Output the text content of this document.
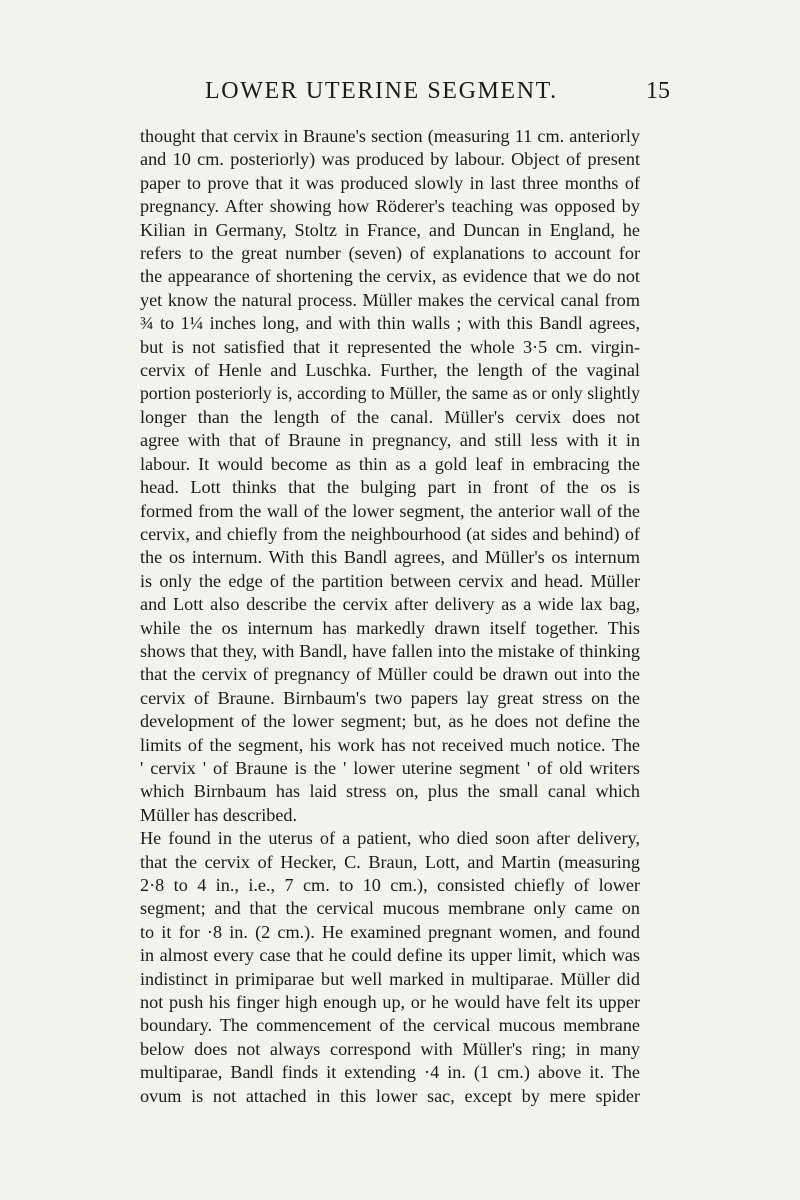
LOWER UTERINE SEGMENT.	15
thought that cervix in Braune's section (measuring 11 cm. anteriorly
and 10 cm. posteriorly) was produced by labour. Object of present
paper to prove that it was produced slowly in last three months of
pregnancy. After showing how Röderer's teaching was opposed by
Kilian in Germany, Stoltz in France, and Duncan in England, he
refers to the great number (seven) of explanations to account for
the appearance of shortening the cervix, as evidence that we do not
yet know the natural process. Müller makes the cervical canal from
¾ to 1¼ inches long, and with thin walls ; with this Bandl agrees,
but is not satisfied that it represented the whole 3·5 cm. virgin-
cervix of Henle and Luschka. Further, the length of the vaginal
portion posteriorly is, according to Müller, the same as or only slightly
longer than the length of the canal. Müller's cervix does not
agree with that of Braune in pregnancy, and still less with it in
labour. It would become as thin as a gold leaf in embracing the
head. Lott thinks that the bulging part in front of the os is
formed from the wall of the lower segment, the anterior wall of the
cervix, and chiefly from the neighbourhood (at sides and behind) of
the os internum. With this Bandl agrees, and Müller's os internum
is only the edge of the partition between cervix and head. Müller
and Lott also describe the cervix after delivery as a wide lax bag,
while the os internum has markedly drawn itself together. This
shows that they, with Bandl, have fallen into the mistake of thinking
that the cervix of pregnancy of Müller could be drawn out into the
cervix of Braune. Birnbaum's two papers lay great stress on the
development of the lower segment; but, as he does not define the
limits of the segment, his work has not received much notice. The
' cervix ' of Braune is the ' lower uterine segment ' of old writers
which Birnbaum has laid stress on, plus the small canal which
Müller has described.
He found in the uterus of a patient, who died soon after delivery,
that the cervix of Hecker, C. Braun, Lott, and Martin (measuring
2·8 to 4 in., i.e., 7 cm. to 10 cm.), consisted chiefly of lower
segment; and that the cervical mucous membrane only came on
to it for ·8 in. (2 cm.). He examined pregnant women, and found
in almost every case that he could define its upper limit, which was
indistinct in primiparae but well marked in multiparae. Müller did
not push his finger high enough up, or he would have felt its upper
boundary. The commencement of the cervical mucous membrane
below does not always correspond with Müller's ring; in many
multiparae, Bandl finds it extending ·4 in. (1 cm.) above it. The
ovum is not attached in this lower sac, except by mere spider
